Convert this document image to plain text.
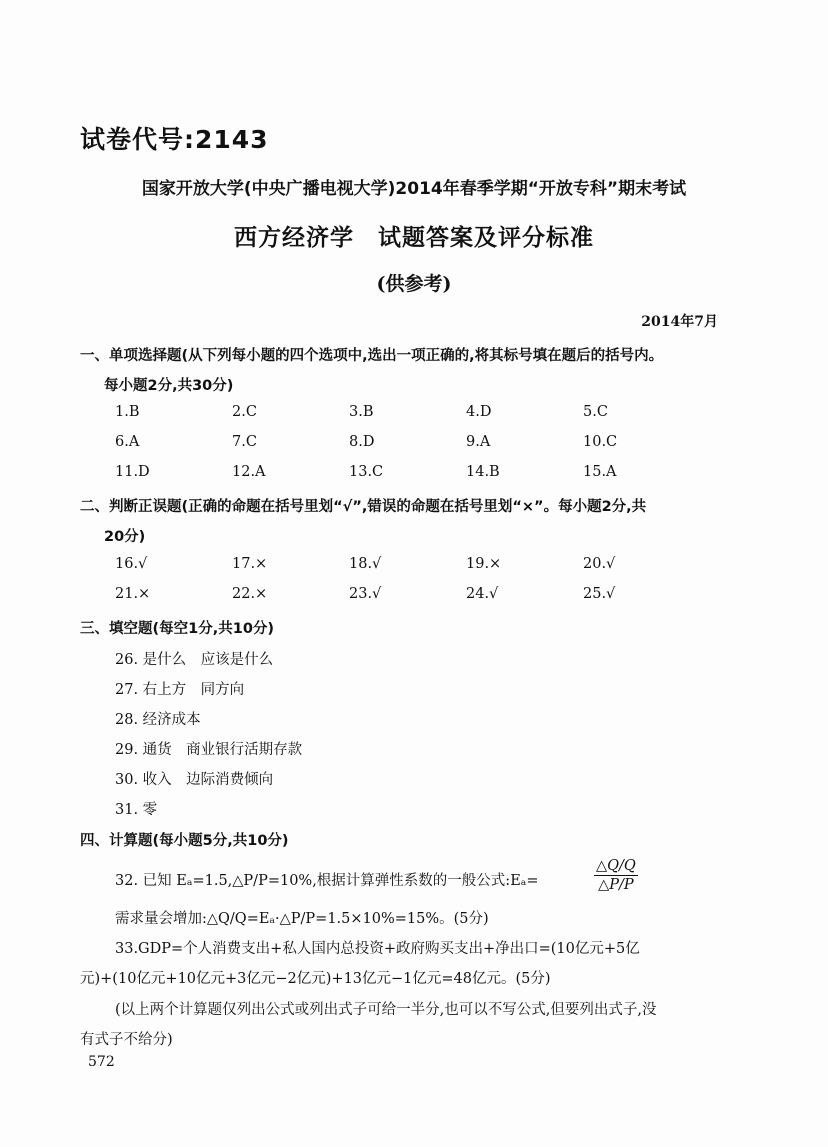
试卷代号:2143
国家开放大学(中央广播电视大学)2014年春季学期“开放专科”期末考试
西方经济学　试题答案及评分标准
(供参考)
2014年7月
一、单项选择题(从下列每小题的四个选项中,选出一项正确的,将其标号填在题后的括号内。
每小题2分,共30分)
1.B	2.C	3.B	4.D	5.C
6.A	7.C	8.D	9.A	10.C
11.D	12.A	13.C	14.B	15.A
二、判断正误题(正确的命题在括号里划“√”,错误的命题在括号里划“×”。每小题2分,共
20分)
16.√	17.×	18.√	19.×	20.√
21.×	22.×	23.√	24.√	25.√
三、填空题(每空1分,共10分)
26. 是什么　应该是什么
27. 右上方　同方向
28. 经济成本
29. 通货　商业银行活期存款
30. 收入　边际消费倾向
31. 零
四、计算题(每小题5分,共10分)
32. 已知 Eₐ=1.5,△P/P=10%,根据计算弹性系数的一般公式:Eₐ=	$\frac{\triangle Q/Q}{\triangle P/P}$
需求量会增加:△Q/Q=Eₐ·△P/P=1.5×10%=15%。(5分)
33.GDP=个人消费支出+私人国内总投资+政府购买支出+净出口=(10亿元+5亿
元)+(10亿元+10亿元+3亿元−2亿元)+13亿元−1亿元=48亿元。(5分)
(以上两个计算题仅列出公式或列出式子可给一半分,也可以不写公式,但要列出式子,没
有式子不给分)
572
